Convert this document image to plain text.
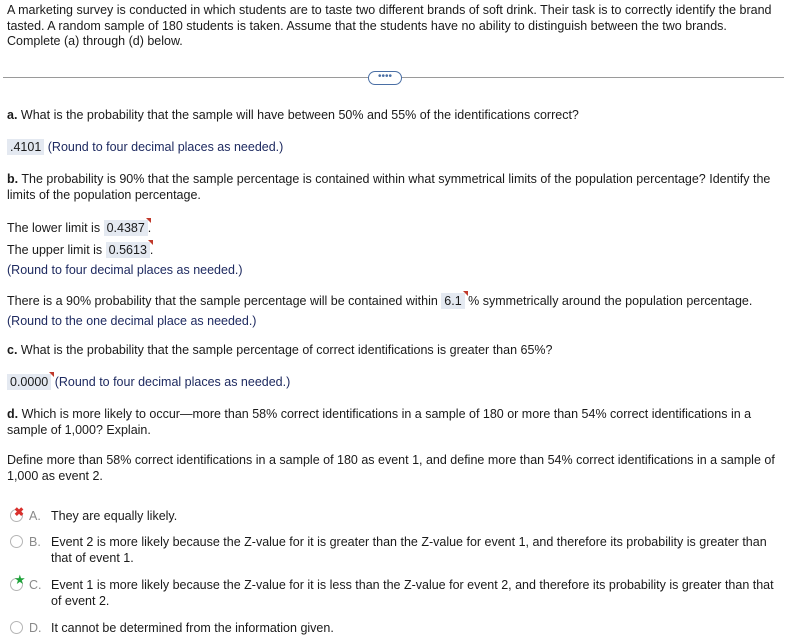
A marketing survey is conducted in which students are to taste two different brands of soft drink. Their task is to correctly identify the brand tasted. A random sample of 180 students is taken. Assume that the students have no ability to distinguish between the two brands. Complete (a) through (d) below.
••••
a. What is the probability that the sample will have between 50% and 55% of the identifications correct?
.4101 (Round to four decimal places as needed.)
b. The probability is 90% that the sample percentage is contained within what symmetrical limits of the population percentage? Identify the limits of the population percentage.
The lower limit is 0.4387 .
The upper limit is 0.5613 .
(Round to four decimal places as needed.)
There is a 90% probability that the sample percentage will be contained within 6.1 % symmetrically around the population percentage.
(Round to the one decimal place as needed.)
c. What is the probability that the sample percentage of correct identifications is greater than 65%?
0.0000 (Round to four decimal places as needed.)
d. Which is more likely to occur—more than 58% correct identifications in a sample of 180 or more than 54% correct identifications in a sample of 1,000? Explain.
Define more than 58% correct identifications in a sample of 180 as event 1, and define more than 54% correct identifications in a sample of 1,000 as event 2.
✖ A. They are equally likely.
B. Event 2 is more likely because the Z-value for it is greater than the Z-value for event 1, and therefore its probability is greater than that of event 1.
★ C. Event 1 is more likely because the Z-value for it is less than the Z-value for event 2, and therefore its probability is greater than that of event 2.
D. It cannot be determined from the information given.
